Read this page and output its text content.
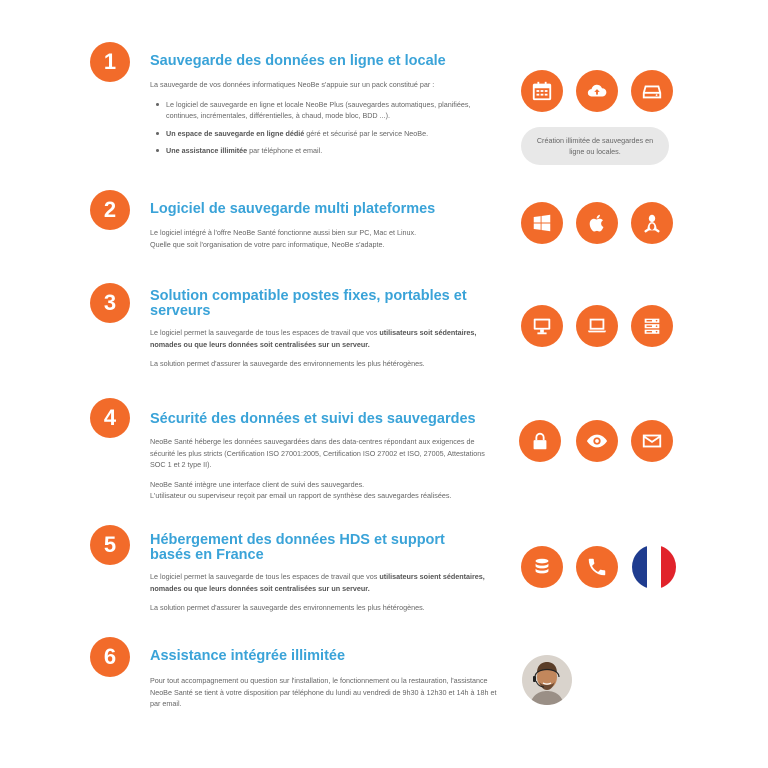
1	Sauvegarde des données en ligne et locale

La sauvegarde de vos données informatiques NeoBe s'appuie sur un pack constitué par :

Le logiciel de sauvegarde en ligne et locale NeoBe Plus (sauvegardes automatiques, planifiées, continues, incrémentales, différentielles, à chaud, mode bloc, BDD ...).
Un espace de sauvegarde en ligne dédié géré et sécurisé par le service NeoBe.
Une assistance illimitée par téléphone et email.
Création illimitée de sauvegardes en ligne ou locales.
2	Logiciel de sauvegarde multi plateformes
Le logiciel intégré à l'offre NeoBe Santé fonctionne aussi bien sur PC, Mac et Linux.
Quelle que soit l'organisation de votre parc informatique, NeoBe s'adapte.
3	Solution compatible postes fixes, portables et serveurs

Le logiciel permet la sauvegarde de tous les espaces de travail que vos utilisateurs soit sédentaires, nomades ou que leurs données soit centralisées sur un serveur.

La solution permet d'assurer la sauvegarde des environnements les plus hétérogènes.

4	Sécurité des données et suivi des sauvegardes

NeoBe Santé héberge les données sauvegardées dans des data-centres répondant aux exigences de sécurité les plus stricts (Certification ISO 27001:2005, Certification ISO 27002 et ISO, 27005, Attestations SOC 1 et 2 type II).

NeoBe Santé intègre une interface client de suivi des sauvegardes.
L'utilisateur ou superviseur reçoit par email un rapport de synthèse des sauvegardes réalisées.
5	Hébergement des données HDS et support basés en France

Le logiciel permet la sauvegarde de tous les espaces de travail que vos utilisateurs soient sédentaires, nomades ou que leurs données soit centralisées sur un serveur.

La solution permet d'assurer la sauvegarde des environnements les plus hétérogènes.

6	Assistance intégrée illimitée

Pour tout accompagnement ou question sur l'installation, le fonctionnement ou la restauration, l'assistance NeoBe Santé se tient à votre disposition par téléphone du lundi au vendredi de 9h30 à 12h30 et 14h à 18h et par email.
